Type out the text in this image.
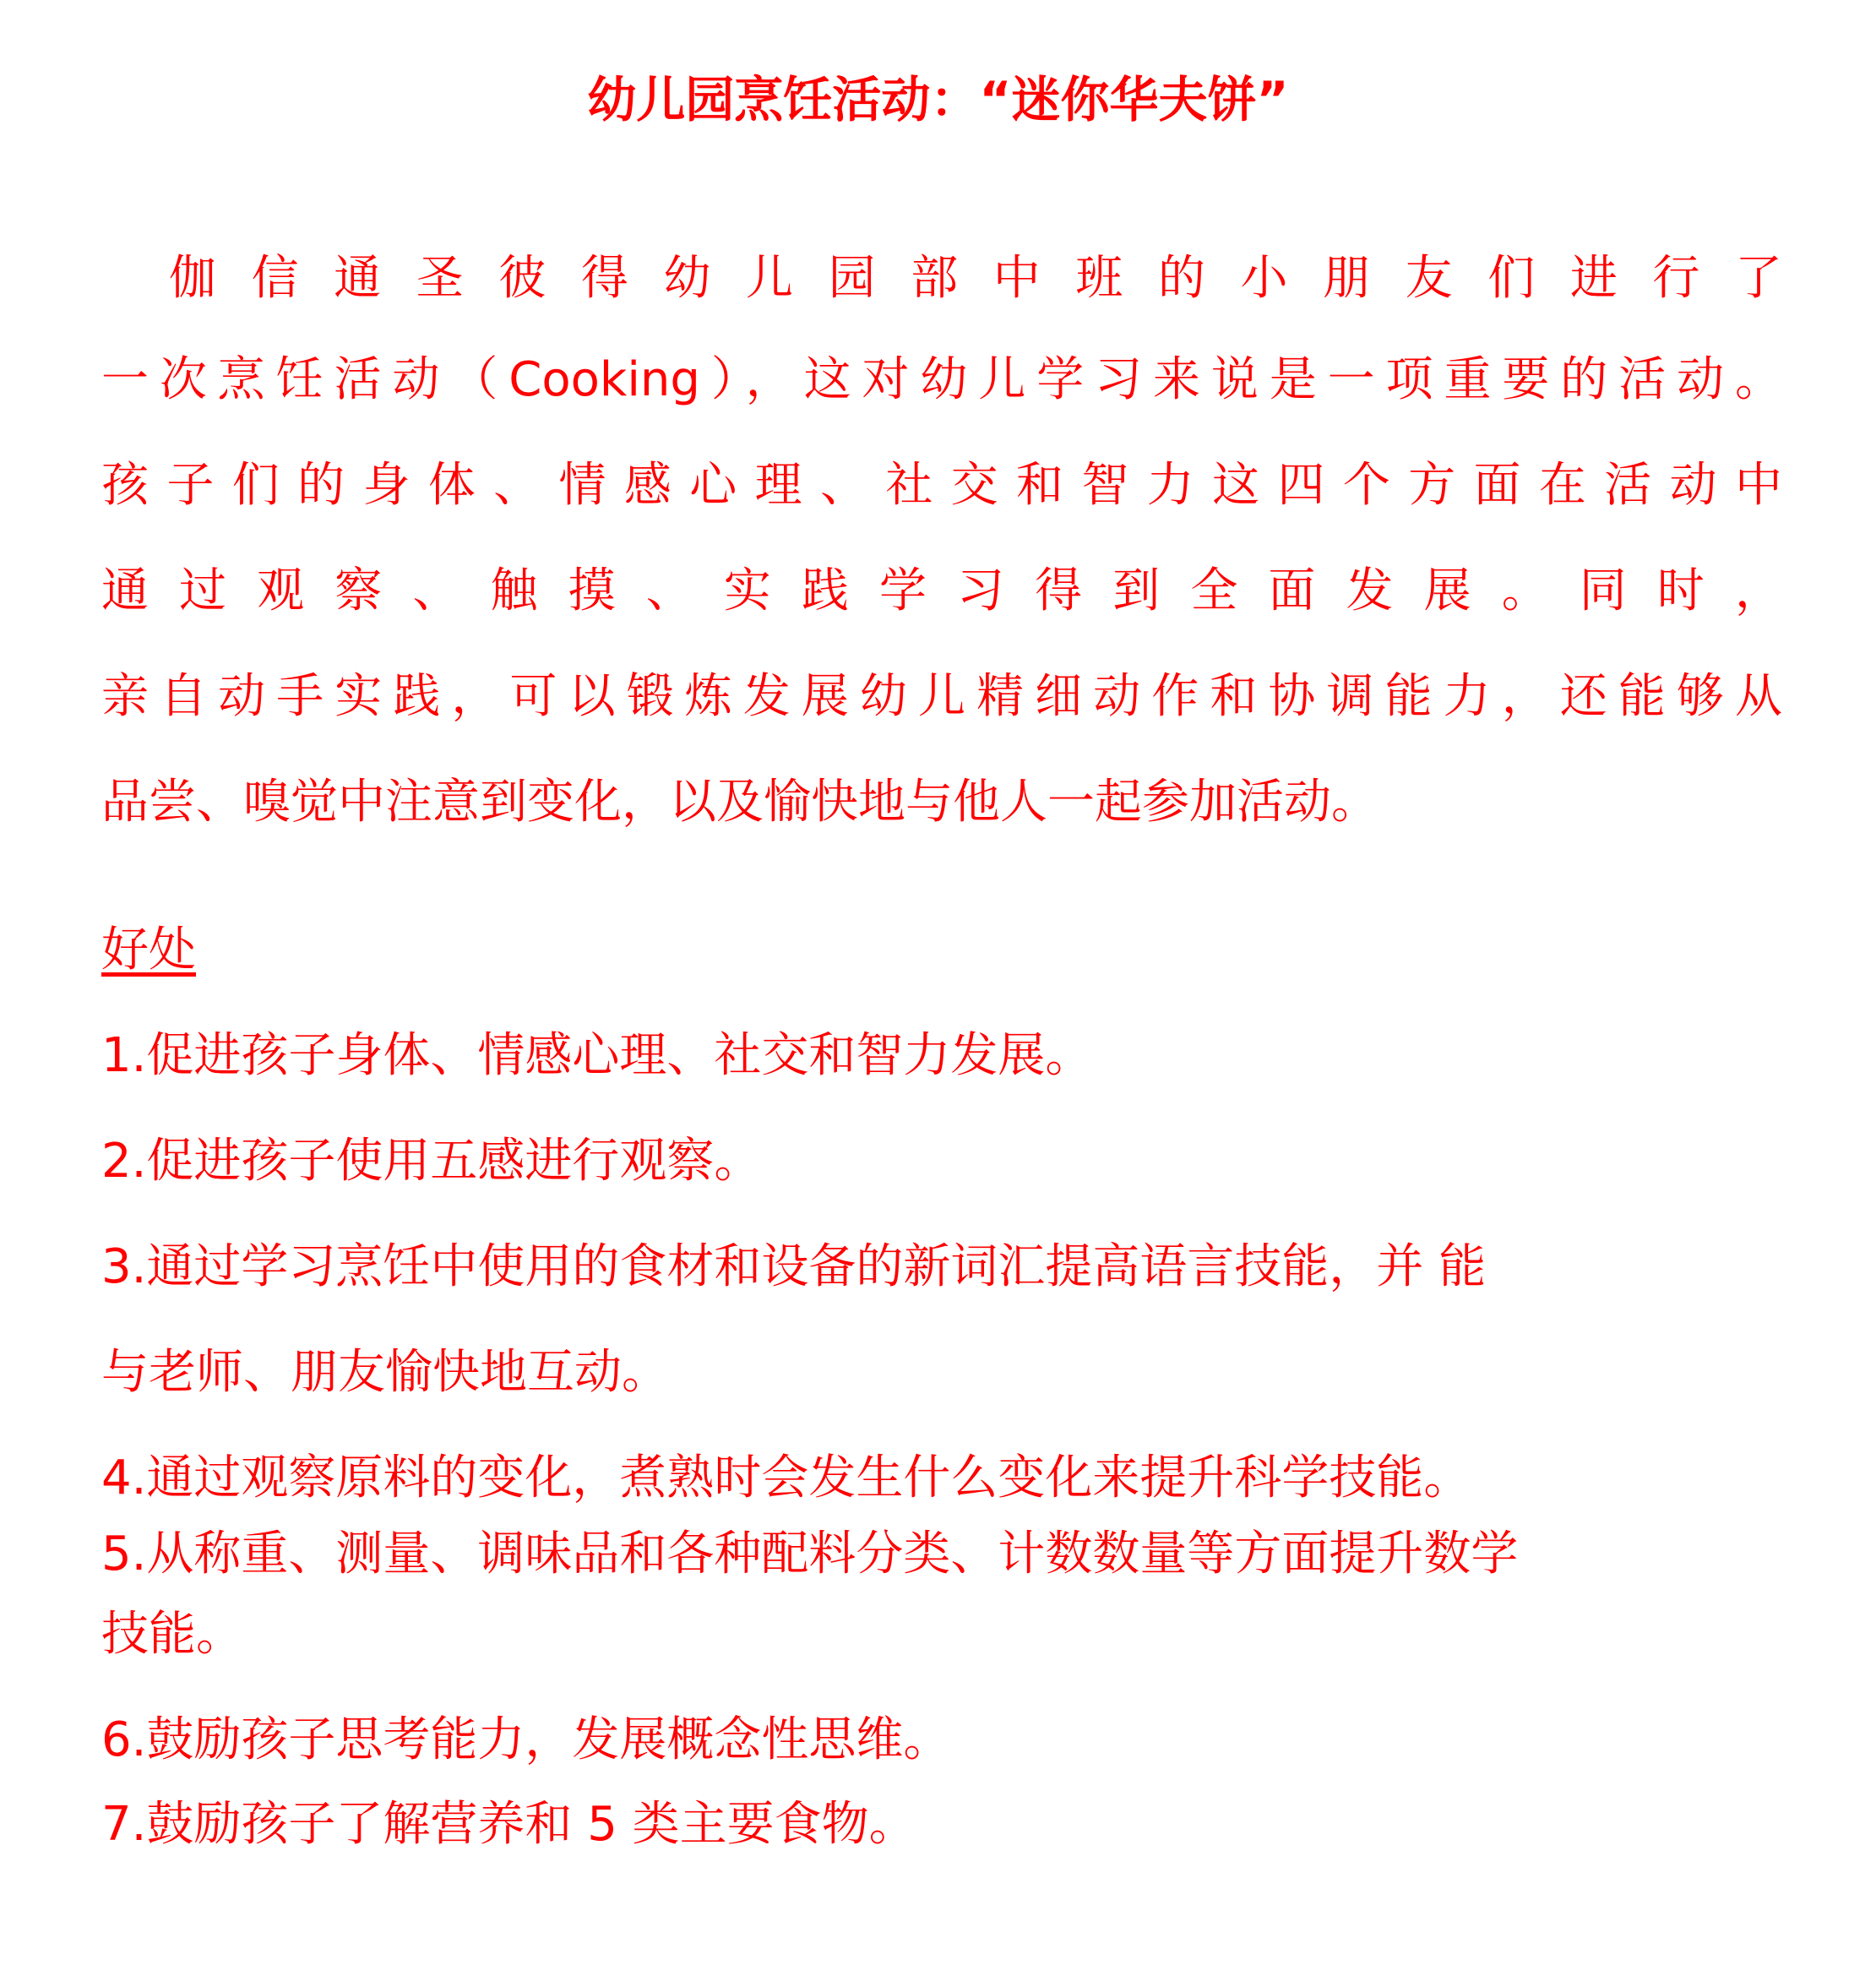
幼儿园烹饪活动：“迷你华夫饼”
伽信通圣彼得幼儿园部中班的小朋友们进行了
一次烹饪活动（Cooking），这对幼儿学习来说是一项重要的活动。
孩子们的身体、情感心理、社交和智力这四个方面在活动中
通过观察、触摸、实践学习得到全面发展。同时，
亲自动手实践，可以锻炼发展幼儿精细动作和协调能力，还能够从
品尝、嗅觉中注意到变化，以及愉快地与他人一起参加活动。
好处
1.促进孩子身体、情感心理、社交和智力发展。
2.促进孩子使用五感进行观察。
3.通过学习烹饪中使用的食材和设备的新词汇提高语言技能，并 能
与老师、朋友愉快地互动。
4.通过观察原料的变化，煮熟时会发生什么变化来提升科学技能。
5.从称重、测量、调味品和各种配料分类、计数数量等方面提升数学
技能。
6.鼓励孩子思考能力，发展概念性思维。
7.鼓励孩子了解营养和 5 类主要食物。
